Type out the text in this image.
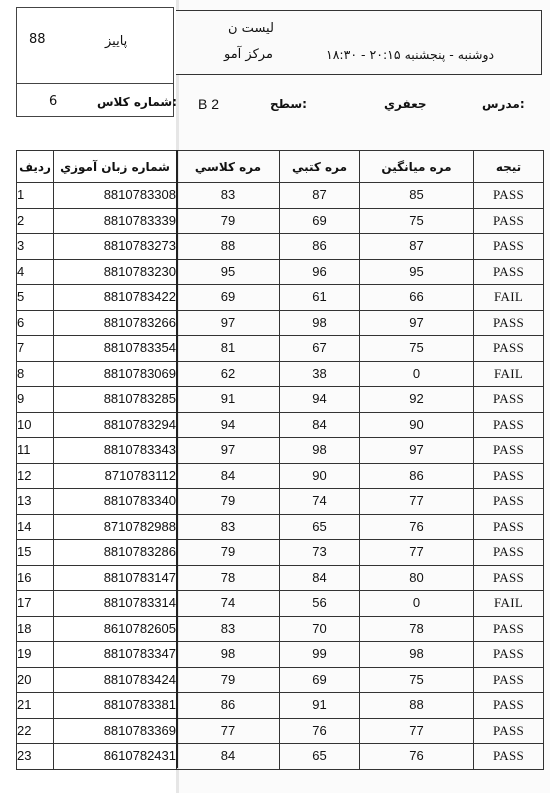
88	پاییز
6	شماره کلاس:
لیست ن
مرکز آمو	دوشنبه - پنجشنبه ۲۰:۱۵ - ۱۸:۳۰
B 2	سطح:	جعفري	مدرس:
رديف	شماره زبان آموزي	مره كلاسي	مره كتبي	مره ميانگين	تيجه
1	8810783308	83	87	85	PASS
2	8810783339	79	69	75	PASS
3	8810783273	88	86	87	PASS
4	8810783230	95	96	95	PASS
5	8810783422	69	61	66	FAIL
6	8810783266	97	98	97	PASS
7	8810783354	81	67	75	PASS
8	8810783069	62	38	0	FAIL
9	8810783285	91	94	92	PASS
10	8810783294	94	84	90	PASS
11	8810783343	97	98	97	PASS
12	8710783112	84	90	86	PASS
13	8810783340	79	74	77	PASS
14	8710782988	83	65	76	PASS
15	8810783286	79	73	77	PASS
16	8810783147	78	84	80	PASS
17	8810783314	74	56	0	FAIL
18	8610782605	83	70	78	PASS
19	8810783347	98	99	98	PASS
20	8810783424	79	69	75	PASS
21	8810783381	86	91	88	PASS
22	8810783369	77	76	77	PASS
23	8610782431	84	65	76	PASS
